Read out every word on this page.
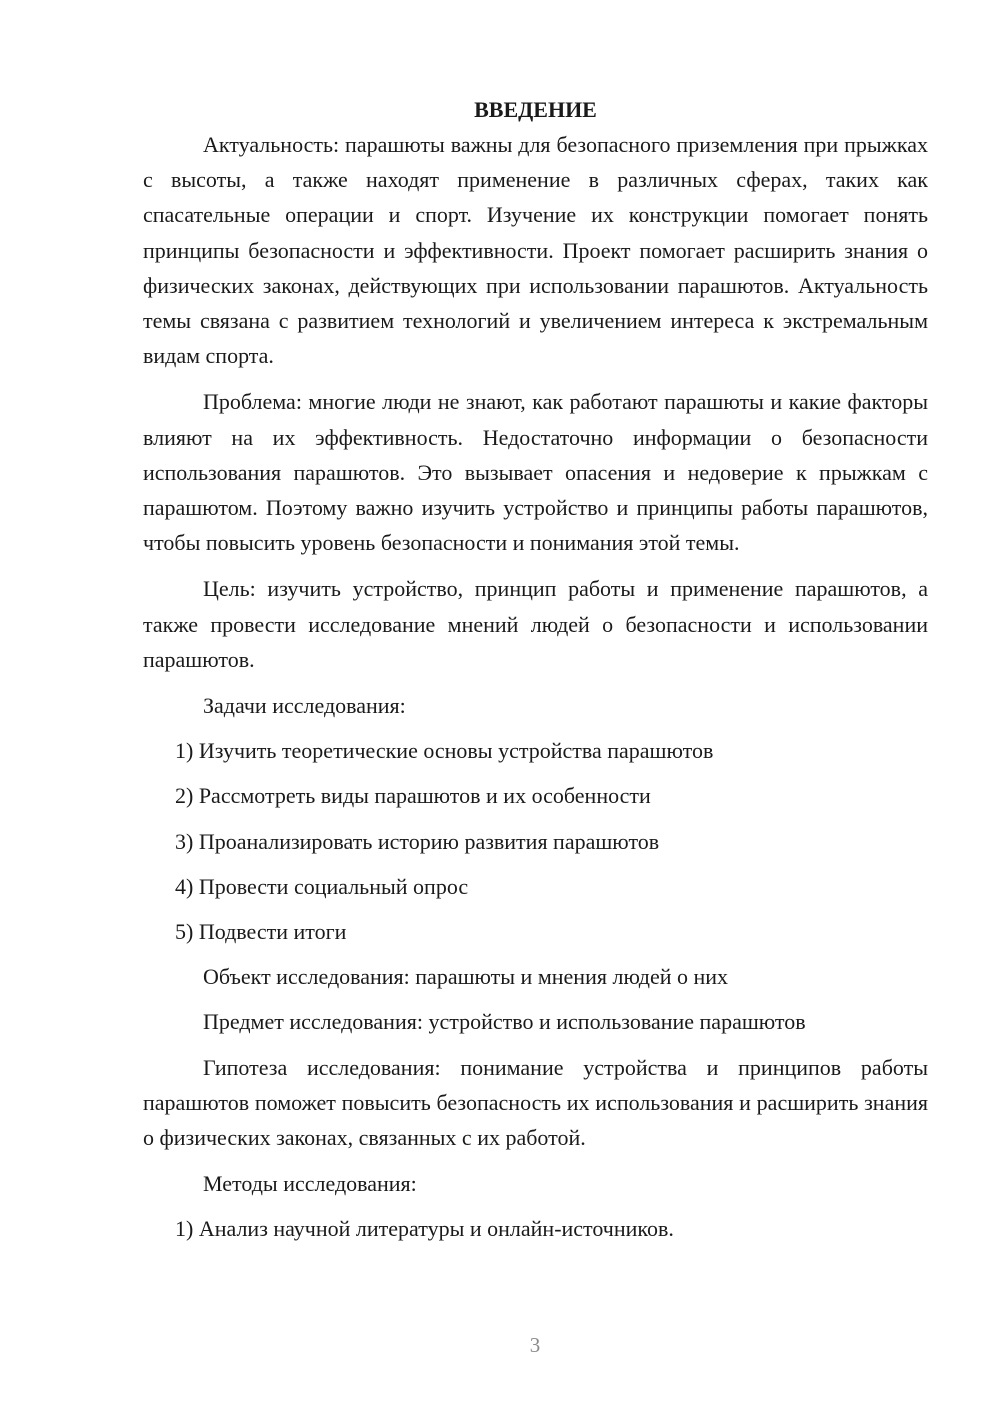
ВВЕДЕНИЕ

Актуальность: парашюты важны для безопасного приземления при прыжках с высоты, а также находят применение в различных сферах, таких как спасательные операции и спорт. Изучение их конструкции помогает понять принципы безопасности и эффективности. Проект помогает расширить знания о физических законах, действующих при использовании парашютов. Актуальность темы связана с развитием технологий и увеличением интереса к экстремальным видам спорта.

Проблема: многие люди не знают, как работают парашюты и какие факторы влияют на их эффективность. Недостаточно информации о безопасности использования парашютов. Это вызывает опасения и недоверие к прыжкам с парашютом. Поэтому важно изучить устройство и принципы работы парашютов, чтобы повысить уровень безопасности и понимания этой темы.

Цель: изучить устройство, принцип работы и применение парашютов, а также провести исследование мнений людей о безопасности и использовании парашютов.

Задачи исследования:
1) Изучить теоретические основы устройства парашютов
2) Рассмотреть виды парашютов и их особенности
3) Проанализировать историю развития парашютов
4) Провести социальный опрос
5) Подвести итоги
Объект исследования: парашюты и мнения людей о них
Предмет исследования: устройство и использование парашютов

Гипотеза исследования: понимание устройства и принципов работы парашютов поможет повысить безопасность их использования и расширить знания о физических законах, связанных с их работой.

Методы исследования:
1) Анализ научной литературы и онлайн-источников.
3
